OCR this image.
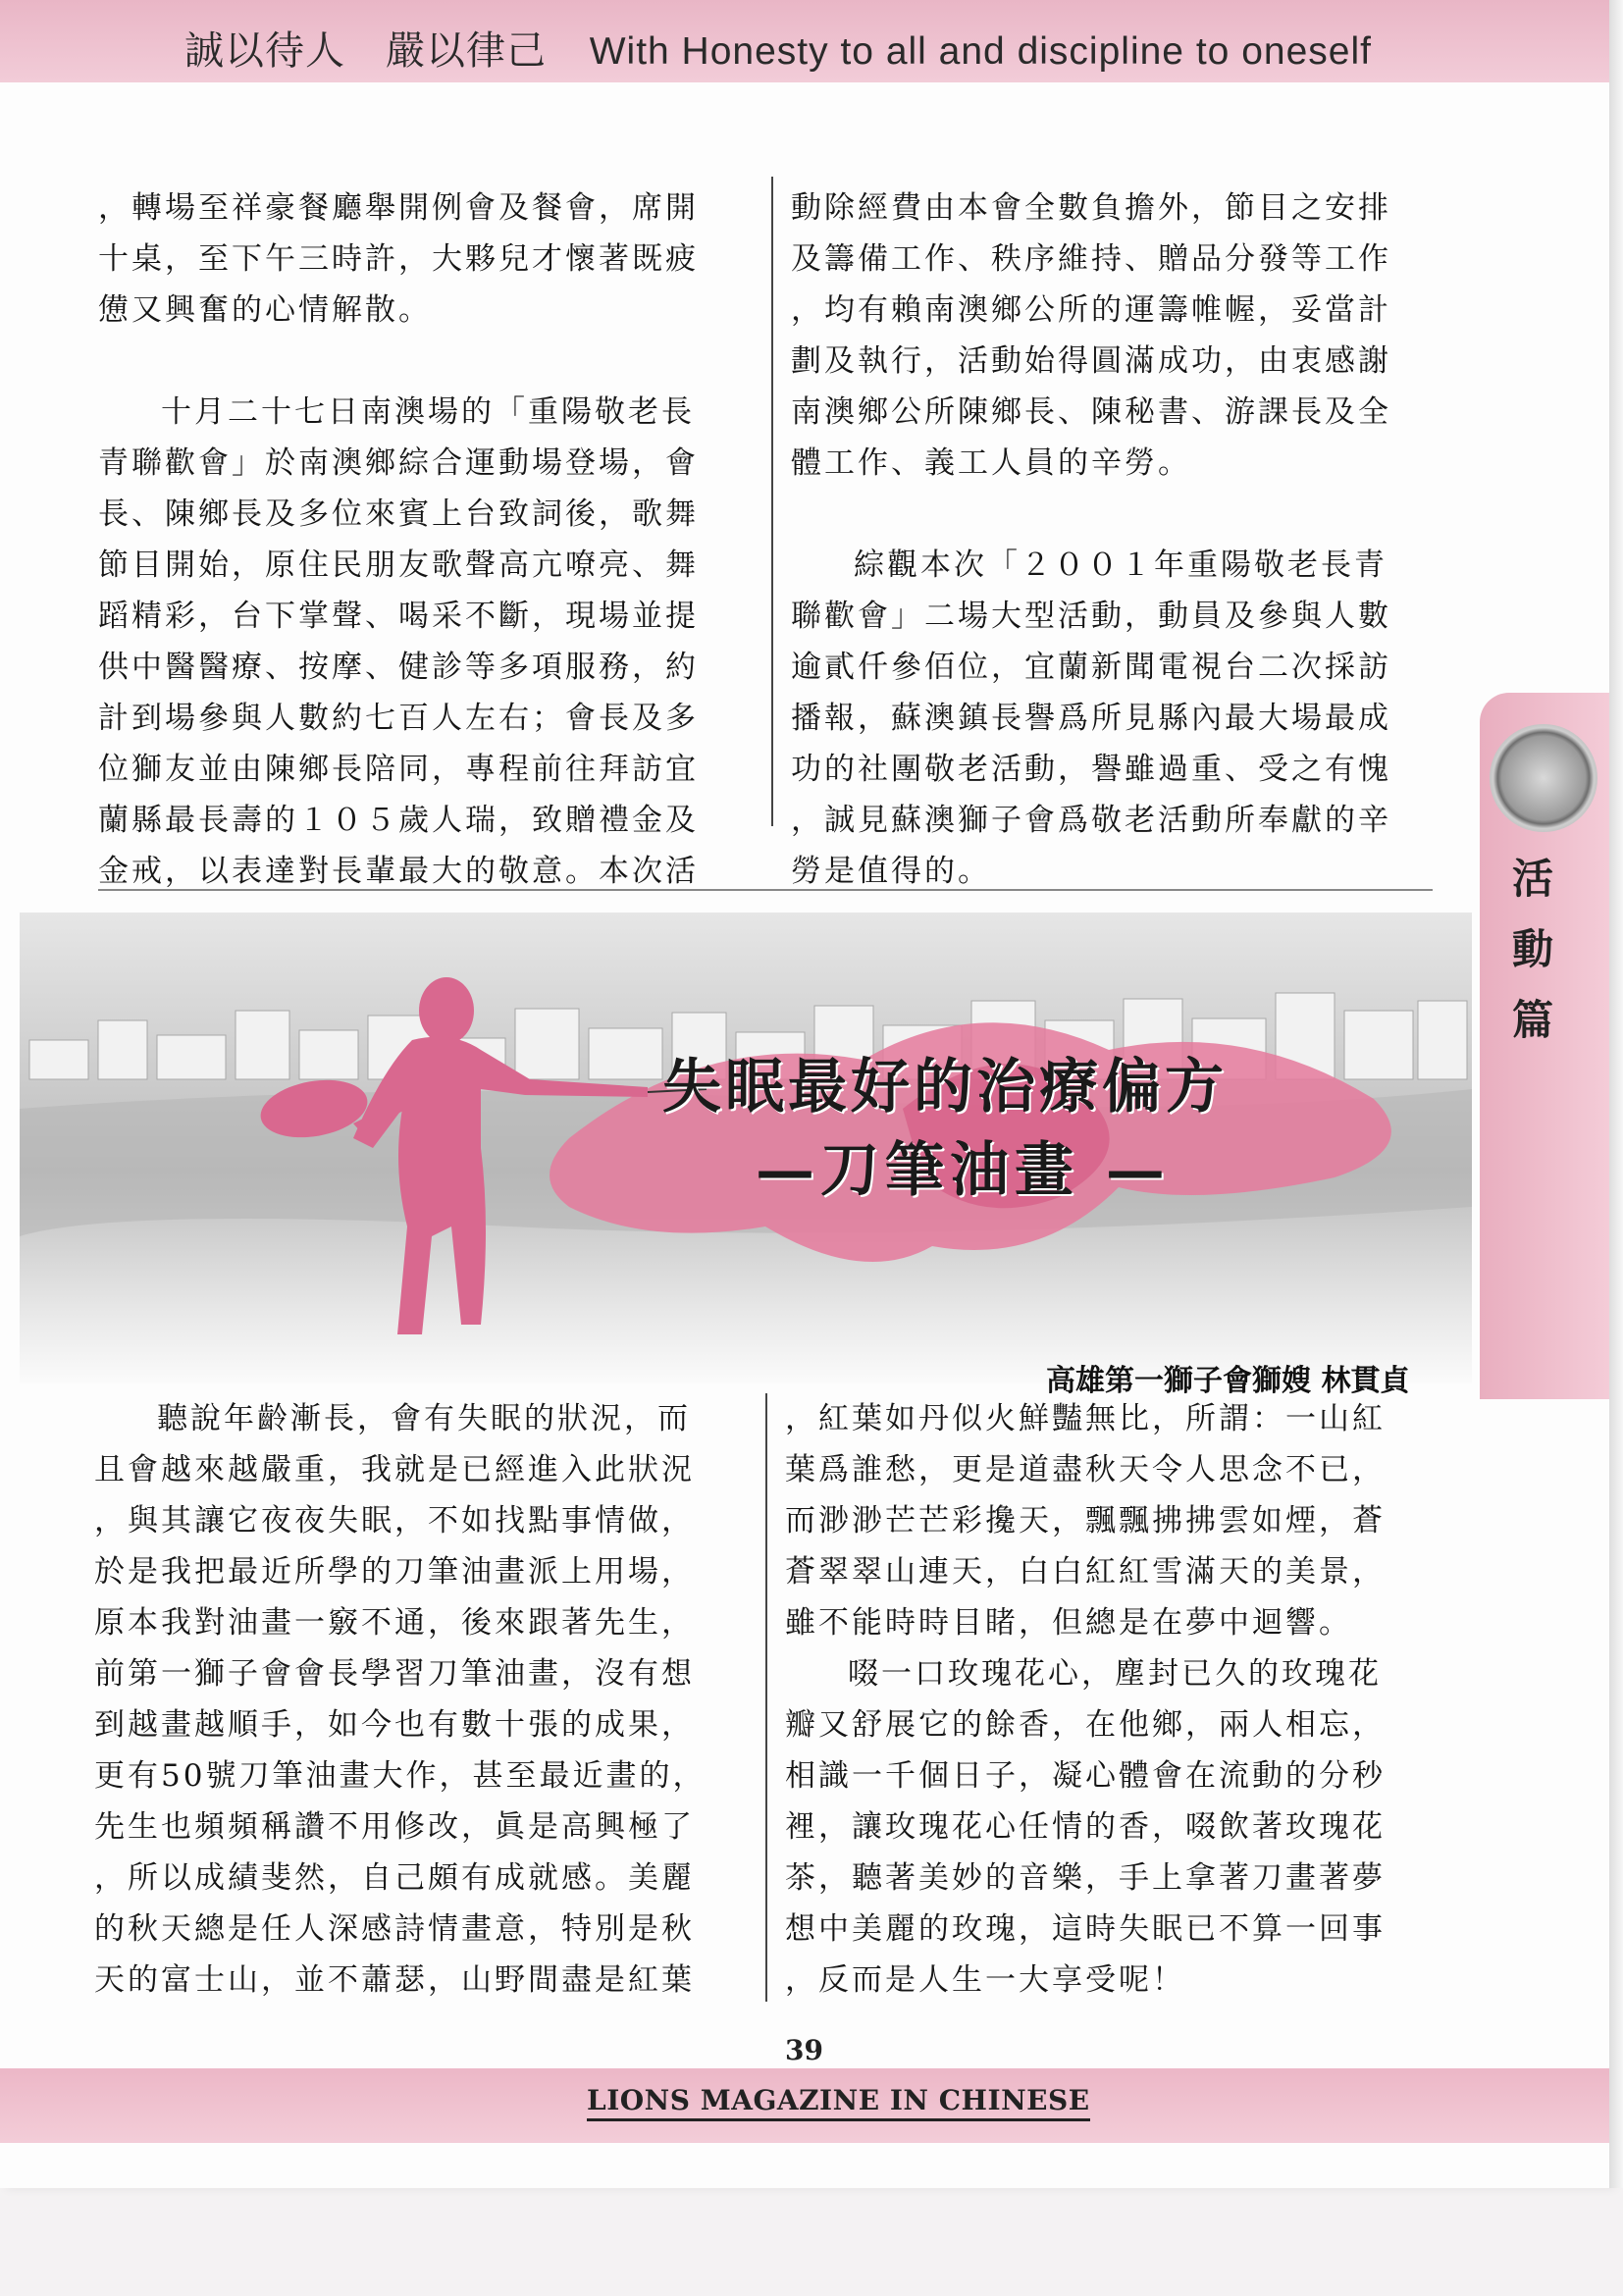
誠以待人　嚴以律己 With Honesty to all and discipline to oneself

，轉場至祥豪餐廳舉開例會及餐會，席開

十桌，至下午三時許，大夥兒才懷著既疲

憊又興奮的心情解散。

十月二十七日南澳場的「重陽敬老長

青聯歡會」於南澳鄉綜合運動場登場，會

長、陳鄉長及多位來賓上台致詞後，歌舞

節目開始，原住民朋友歌聲高亢嘹亮、舞

蹈精彩，台下掌聲、喝采不斷，現場並提

供中醫醫療、按摩、健診等多項服務，約

計到場參與人數約七百人左右；會長及多

位獅友並由陳鄉長陪同，專程前往拜訪宜

蘭縣最長壽的１０５歲人瑞，致贈禮金及

金戒，以表達對長輩最大的敬意。本次活

動除經費由本會全數負擔外，節目之安排

及籌備工作、秩序維持、贈品分發等工作

，均有賴南澳鄉公所的運籌帷幄，妥當計

劃及執行，活動始得圓滿成功，由衷感謝

南澳鄉公所陳鄉長、陳秘書、游課長及全

體工作、義工人員的辛勞。

綜觀本次「２００１年重陽敬老長青

聯歡會」二場大型活動，動員及參與人數

逾貳仟參佰位，宜蘭新聞電視台二次採訪

播報，蘇澳鎮長譽爲所見縣內最大場最成

功的社團敬老活動，譽雖過重、受之有愧

，誠見蘇澳獅子會爲敬老活動所奉獻的辛

勞是值得的。

失眠最好的治療偏方
—刀筆油畫 —
高雄第一獅子會獅嫂 林貫貞

聽說年齡漸長，會有失眠的狀況，而

且會越來越嚴重，我就是已經進入此狀況

，與其讓它夜夜失眠，不如找點事情做，

於是我把最近所學的刀筆油畫派上用場，

原本我對油畫一竅不通，後來跟著先生，

前第一獅子會會長學習刀筆油畫，沒有想

到越畫越順手，如今也有數十張的成果，

更有50號刀筆油畫大作，甚至最近畫的，

先生也頻頻稱讚不用修改，眞是高興極了

，所以成績斐然，自己頗有成就感。美麗

的秋天總是任人深感詩情畫意，特別是秋

天的富士山，並不蕭瑟，山野間盡是紅葉

，紅葉如丹似火鮮豔無比，所謂：一山紅

葉爲誰愁，更是道盡秋天令人思念不已，

而渺渺芒芒彩攙天，飄飄拂拂雲如煙，蒼

蒼翠翠山連天，白白紅紅雪滿天的美景，

雖不能時時目睹，但總是在夢中迴響。

啜一口玫瑰花心，塵封已久的玫瑰花

瓣又舒展它的餘香，在他鄉，兩人相忘，

相識一千個日子，凝心體會在流動的分秒

裡，讓玫瑰花心任情的香，啜飲著玫瑰花

茶，聽著美妙的音樂，手上拿著刀畫著夢

想中美麗的玫瑰，這時失眠已不算一回事

，反而是人生一大享受呢！

活
動
篇
39
LIONS MAGAZINE IN CHINESE
